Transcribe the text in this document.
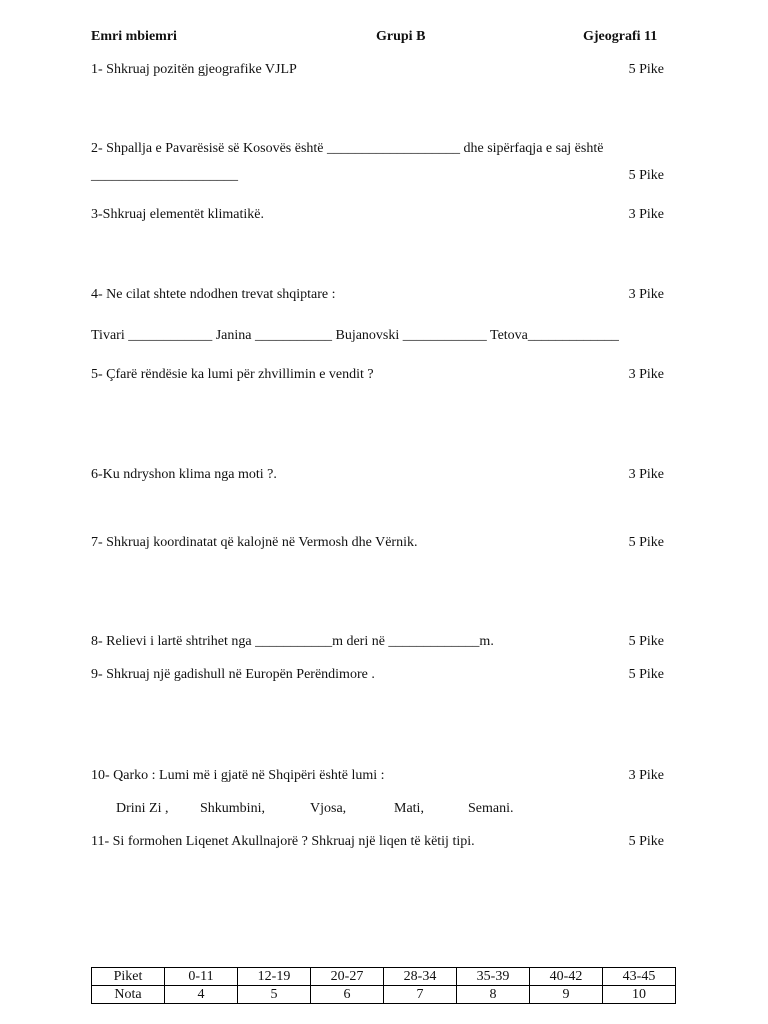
Emri mbiemri	Grupi B	Gjeografi 11
1- Shkruaj pozitën gjeografike VJLP	5 Pike
2- Shpallja e Pavarësisë së Kosovës është ___________________ dhe sipërfaqja e saj është
_____________________	5 Pike
3-Shkruaj elementët klimatikë.	3 Pike
4- Ne cilat shtete ndodhen trevat shqiptare :	3 Pike
Tivari ____________ Janina ___________ Bujanovski ____________ Tetova_____________
5- Çfarë rëndësie ka lumi për zhvillimin e vendit ?	3 Pike
6-Ku ndryshon klima nga moti ?.	3 Pike
7- Shkruaj koordinatat që kalojnë në Vermosh dhe Vërnik.	5 Pike
8- Relievi i lartë shtrihet nga ___________m deri në _____________m.	5 Pike
9- Shkruaj një gadishull në Europën Perëndimore .	5 Pike
10- Qarko : Lumi më i gjatë në Shqipëri është lumi :	3 Pike
Drini Zi , Shkumbini,	Vjosa,	Mati,	Semani.
11- Si formohen Liqenet Akullnajorë ? Shkruaj një liqen të këtij tipi.	5 Pike
Piket	0-11	12-19	20-27	28-34	35-39	40-42	43-45
Nota	4	5	6	7	8	9	10
